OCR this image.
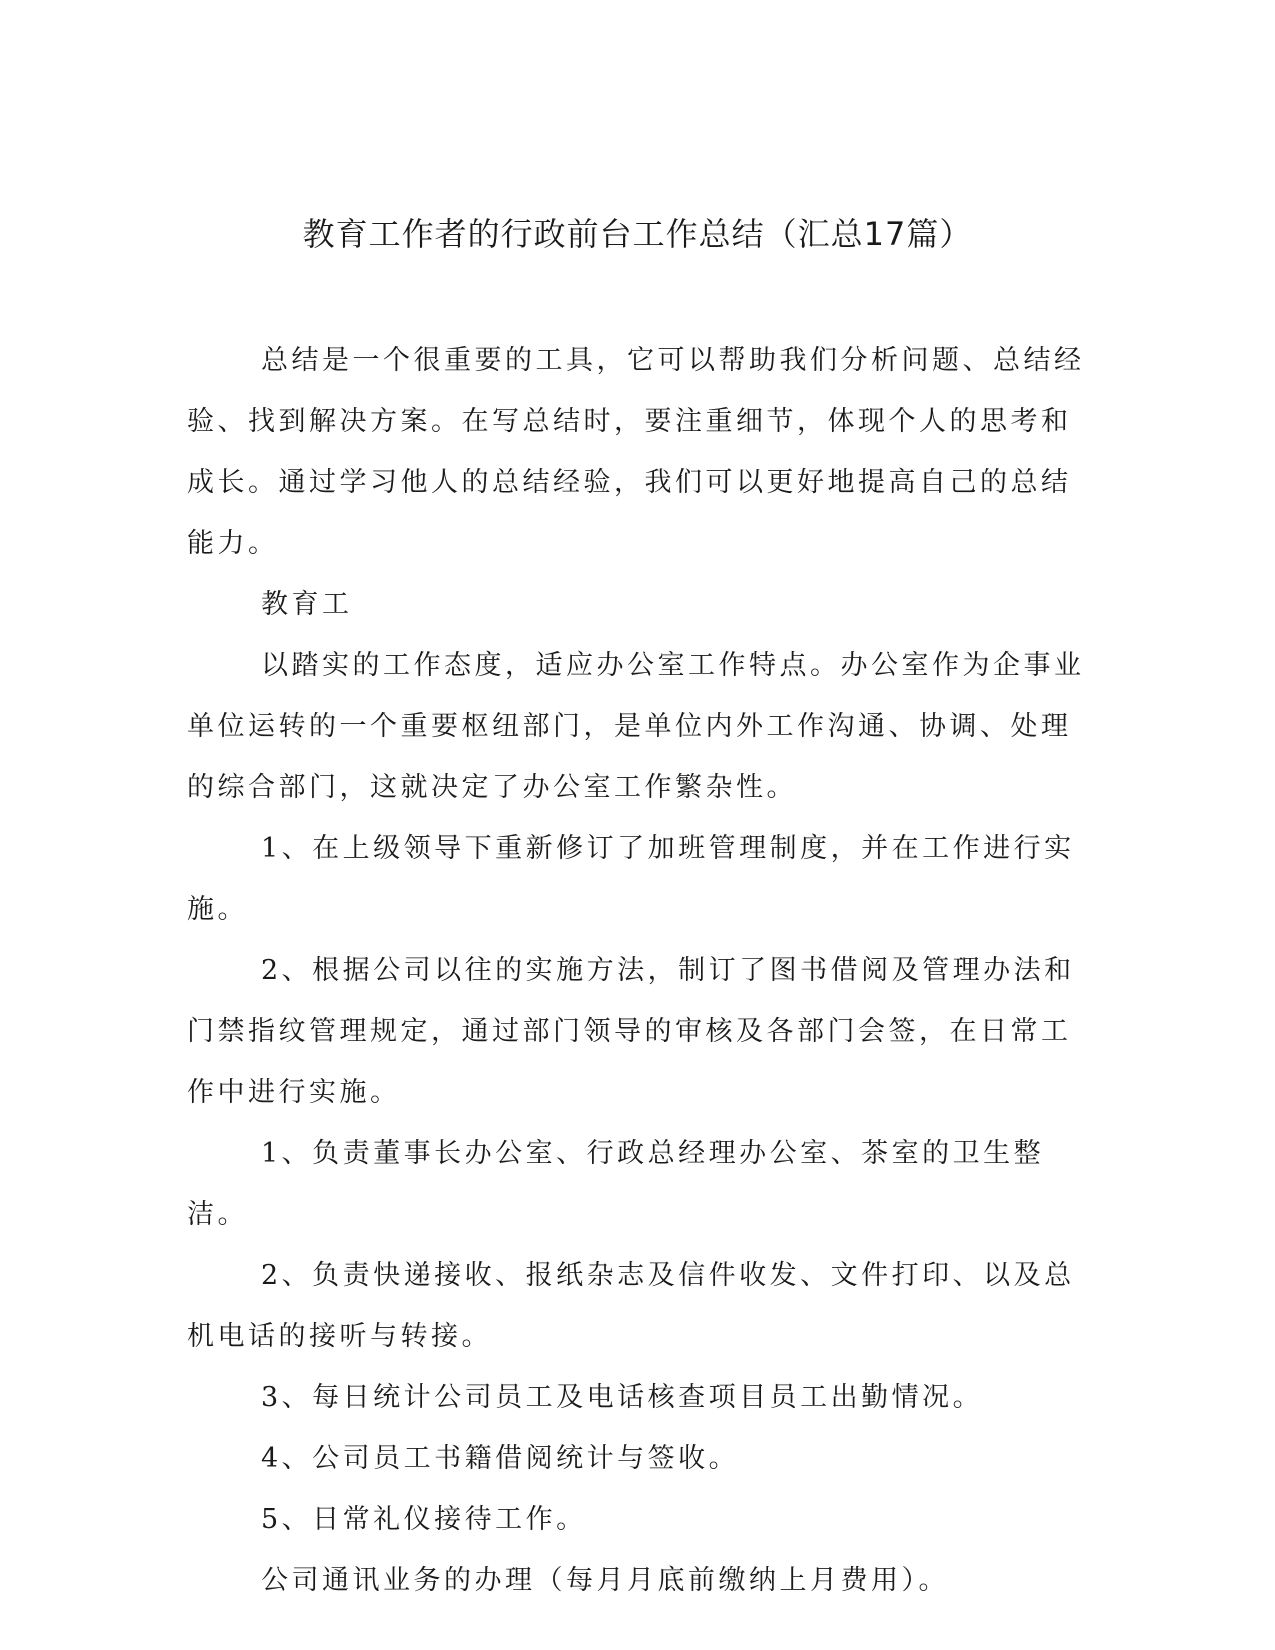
教育工作者的行政前台工作总结（汇总17篇）

总结是一个很重要的工具，它可以帮助我们分析问题、总结经验、找到解决方案。在写总结时，要注重细节，体现个人的思考和成长。通过学习他人的总结经验，我们可以更好地提高自己的总结能力。

教育工

以踏实的工作态度，适应办公室工作特点。办公室作为企事业单位运转的一个重要枢纽部门，是单位内外工作沟通、协调、处理的综合部门，这就决定了办公室工作繁杂性。

1、在上级领导下重新修订了加班管理制度，并在工作进行实施。

2、根据公司以往的实施方法，制订了图书借阅及管理办法和门禁指纹管理规定，通过部门领导的审核及各部门会签，在日常工作中进行实施。

1、负责董事长办公室、行政总经理办公室、茶室的卫生整洁。

2、负责快递接收、报纸杂志及信件收发、文件打印、以及总机电话的接听与转接。

3、每日统计公司员工及电话核查项目员工出勤情况。

4、公司员工书籍借阅统计与签收。

5、日常礼仪接待工作。

公司通讯业务的办理（每月月底前缴纳上月费用）。
